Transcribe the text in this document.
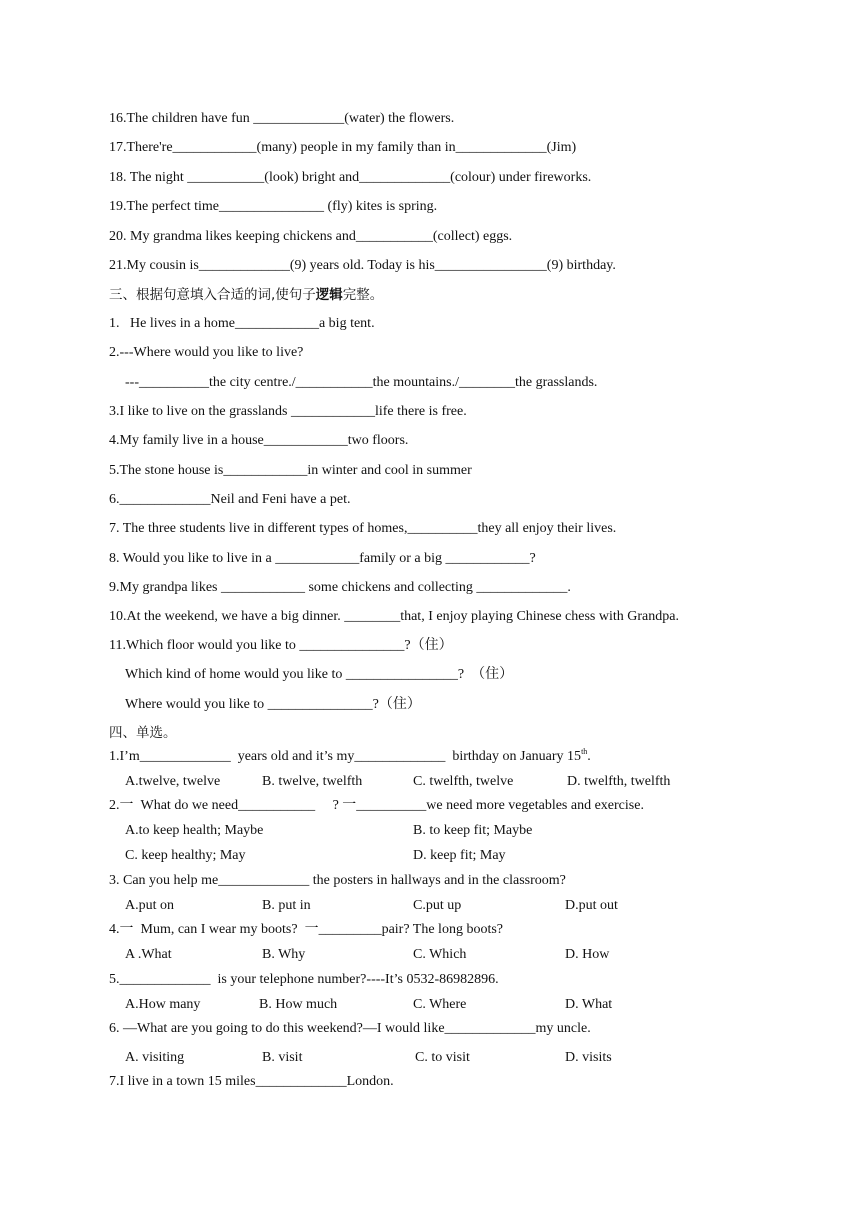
16.The children have fun _____________(water) the flowers.
17.There're____________(many) people in my family than in_____________(Jim)
18. The night ___________(look) bright and_____________(colour) under fireworks.
19.The perfect time_______________ (fly) kites is spring.
20. My grandma likes keeping chickens and___________(collect) eggs.
21.My cousin is_____________(9) years old. Today is his________________(9) birthday.
三、根据句意填入合适的词,使句子逻辑完整。
1.   He lives in a home____________a big tent.
2.---Where would you like to live?
---__________the city centre./___________the mountains./________the grasslands.
3.I like to live on the grasslands ____________life there is free.
4.My family live in a house____________two floors.
5.The stone house is____________in winter and cool in summer
6._____________Neil and Feni have a pet.
7. The three students live in different types of homes,__________they all enjoy their lives.
8. Would you like to live in a ____________family or a big ____________?
9.My grandpa likes ____________ some chickens and collecting _____________.
10.At the weekend, we have a big dinner. ________that, I enjoy playing Chinese chess with Grandpa.
11.Which floor would you like to _______________?（住）
Which kind of home would you like to ________________?  （住）
Where would you like to _______________?（住）
四、单选。
1.I’m_____________  years old and it’s my_____________  birthday on January 15th.
A.twelve, twelve	B. twelve, twelfth	C. twelfth, twelve	D. twelfth, twelfth
2.一  What do we need___________     ? 一__________we need more vegetables and exercise.
A.to keep health; Maybe	B. to keep fit; Maybe
C. keep healthy; May	D. keep fit; May
3. Can you help me_____________ the posters in hallways and in the classroom?
A.put on	B. put in	C.put up	D.put out
4.一  Mum, can I wear my boots?  一_________pair? The long boots?
A .What	B. Why	C. Which	D. How
5._____________  is your telephone number?----It’s 0532-86982896.
A.How many	B. How much	C. Where	D. What
6. —What are you going to do this weekend?—I would like_____________my uncle.
A. visiting	B. visit	C. to visit	D. visits
7.I live in a town 15 miles_____________London.
